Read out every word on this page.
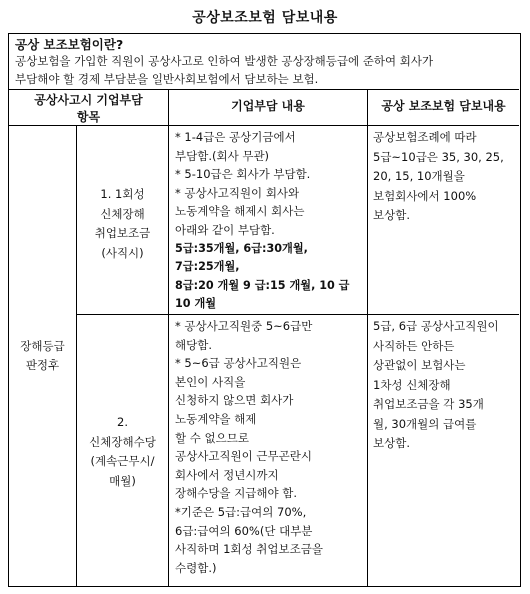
공상보조보험 담보내용
공상 보조보험이란?
공상보험을 가입한 직원이 공상사고로 인하여 발생한 공상장해등급에 준하여 회사가
부담해야 할 경제 부담분을 일반사회보험에서 담보하는 보험.
공상사고시 기업부담
항목
기업부담 내용	공상 보조보험 담보내용
장해등급
판정후
1. 1회성
신체장해
취업보조금
(사직시)
* 1-4급은 공상기금에서
부담함.(회사 무관)
* 5-10급은 회사가 부담함.
* 공상사고직원이 회사와
노동계약을 해제시 회사는
아래와 같이 부담함.
5급:35개월, 6급:30개월,
7급:25개월,
8급:20 개월 9 급:15 개월, 10 급
10 개월
공상보험조례에 따라
5급~10급은 35, 30, 25,
20, 15, 10개월을
보험회사에서 100%
보상함.
2.
신체장해수당
(계속근무시/
매월)
* 공상사고직원중 5~6급만
해당함.
* 5~6급 공상사고직원은
본인이 사직을
신청하지 않으면 회사가
노동계약을 해제
할 수 없으므로
공상사고직원이 근무곤란시
회사에서 정년시까지
장해수당을 지급해야 함.
*기준은 5급:급여의 70%,
6급:급여의 60%(단 대부분
사직하며 1회성 취업보조금을
수령함.)
5급, 6급 공상사고직원이
사직하든 안하든
상관없이 보험사는
1차성 신체장해
취업보조금을 각 35개
월, 30개월의 급여를
보상함.
